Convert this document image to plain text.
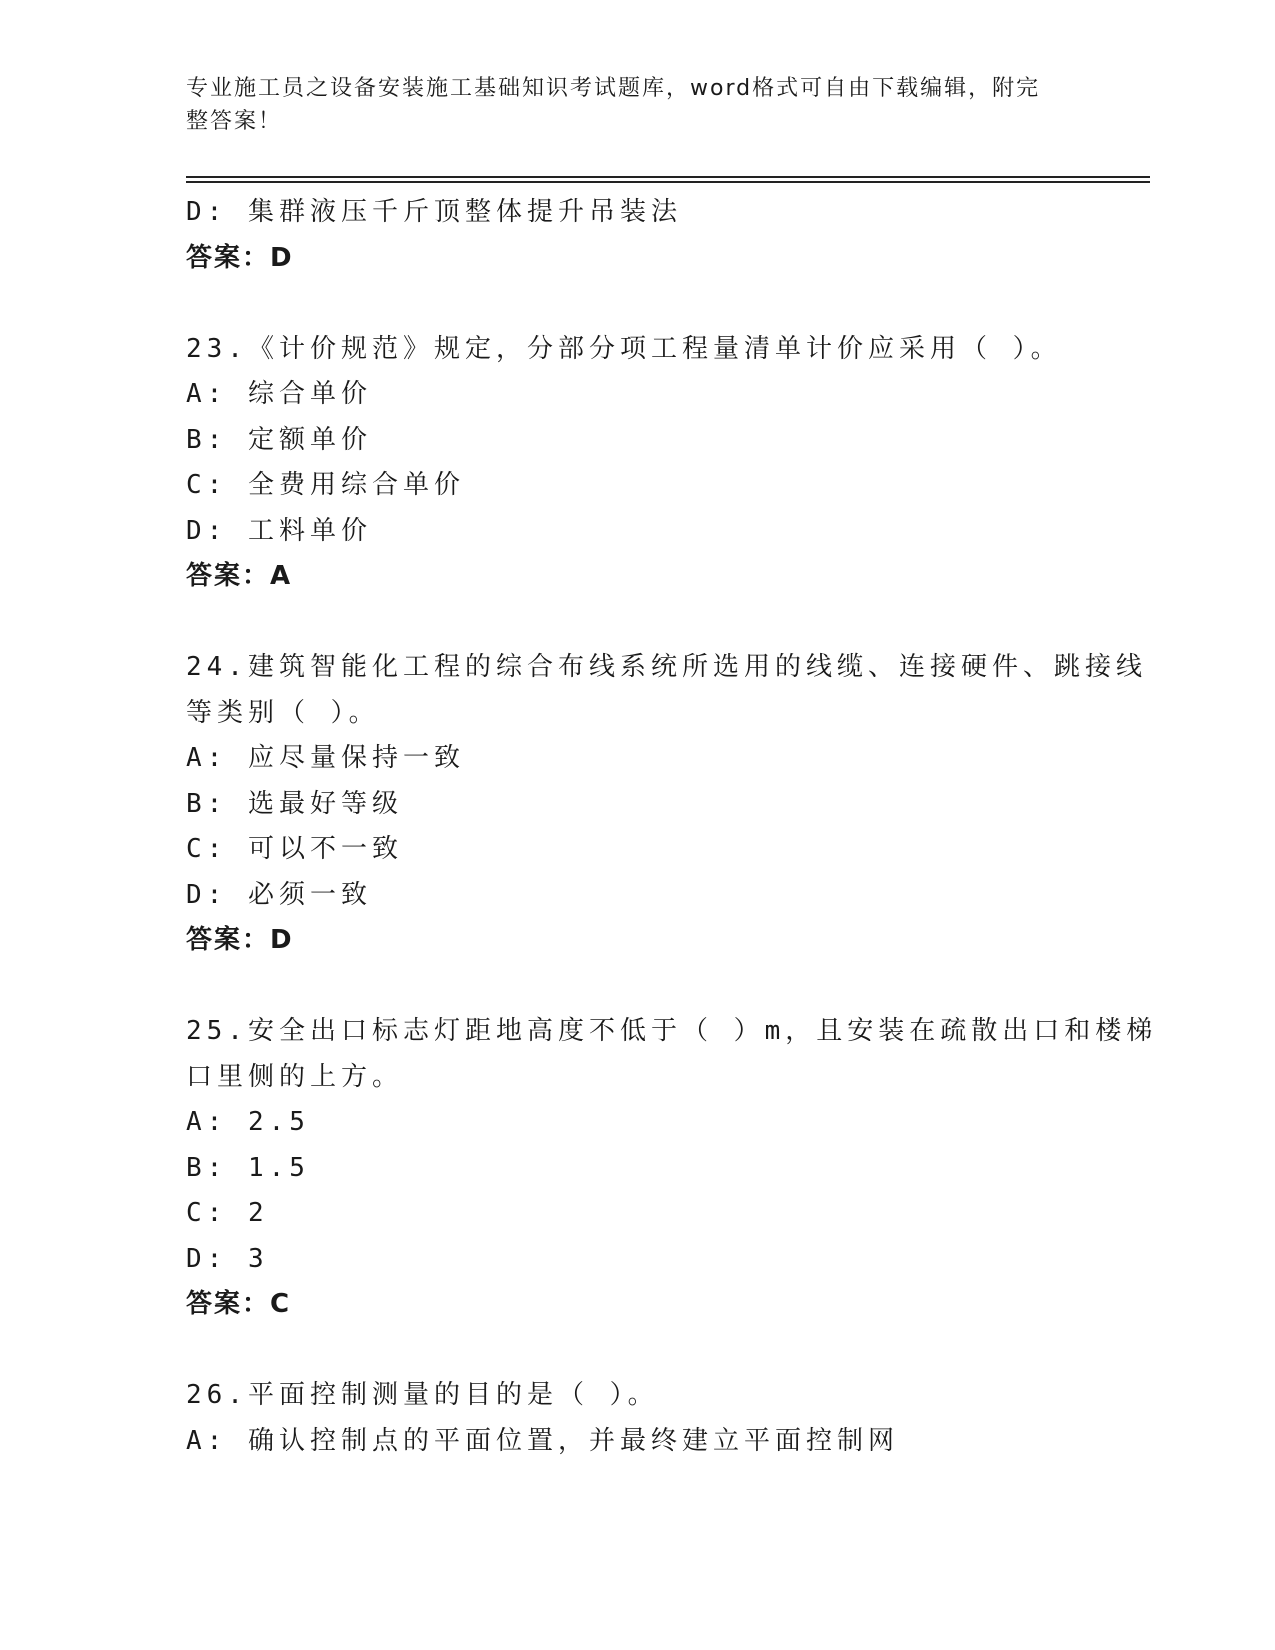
专业施工员之设备安装施工基础知识考试题库，word格式可自由下载编辑，附完
整答案！
D: 集群液压千斤顶整体提升吊装法
答案：D
23.《计价规范》规定，分部分项工程量清单计价应采用（ ）。
A: 综合单价
B: 定额单价
C: 全费用综合单价
D: 工料单价
答案：A
24.建筑智能化工程的综合布线系统所选用的线缆、连接硬件、跳接线
等类别（ ）。
A: 应尽量保持一致
B: 选最好等级
C: 可以不一致
D: 必须一致
答案：D
25.安全出口标志灯距地高度不低于（ ）m，且安装在疏散出口和楼梯
口里侧的上方。
A: 2.5
B: 1.5
C: 2
D: 3
答案：C
26.平面控制测量的目的是（ ）。
A: 确认控制点的平面位置，并最终建立平面控制网
